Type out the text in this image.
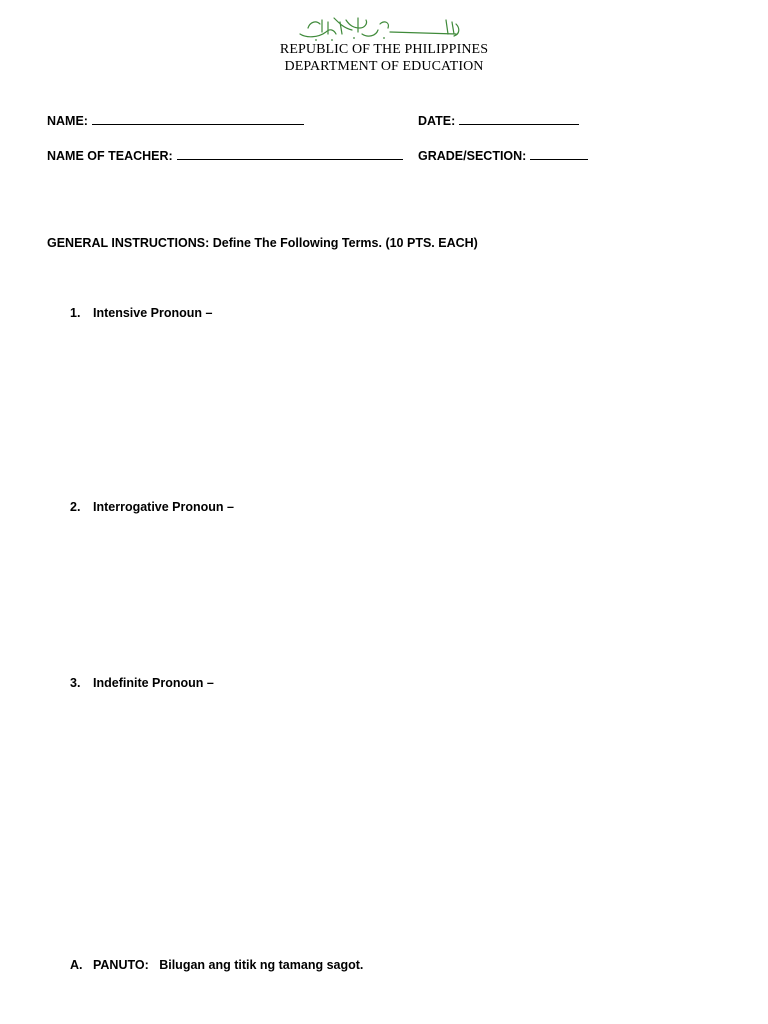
REPUBLIC OF THE PHILIPPINES
DEPARTMENT OF EDUCATION
NAME:	DATE:
NAME OF TEACHER:	GRADE/SECTION:
GENERAL INSTRUCTIONS: Define The Following Terms. (10 PTS. EACH)
1. Intensive Pronoun –
2. Interrogative Pronoun –
3. Indefinite Pronoun –
A. PANUTO:   Bilugan ang titik ng tamang sagot.
